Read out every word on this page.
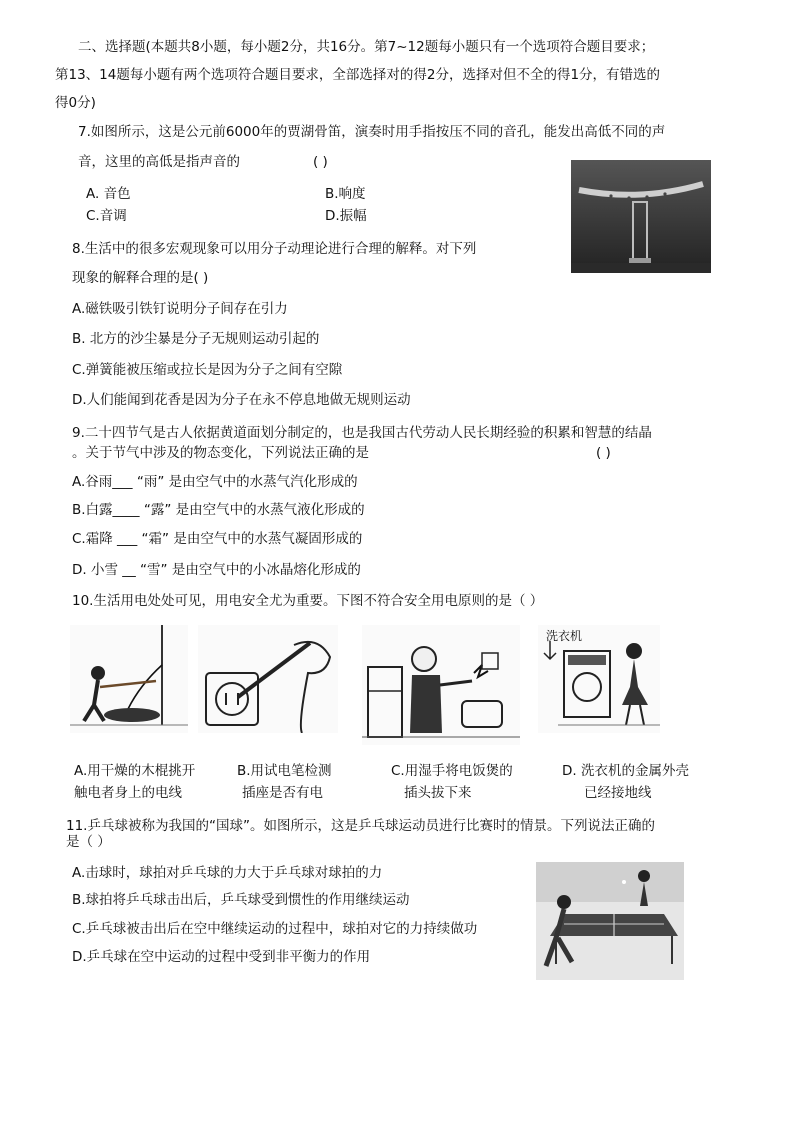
二、选择题(本题共8小题，每小题2分，共16分。第7~12题每小题只有一个选项符合题目要求；
第13、14题每小题有两个选项符合题目要求，全部选择对的得2分，选择对但不全的得1分，有错选的
得0分)
7.如图所示，这是公元前6000年的贾湖骨笛，演奏时用手指按压不同的音孔，能发出高低不同的声
音，这里的高低是指声音的	( )
A. 音色	B.响度
C.音调	D.振幅
8.生活中的很多宏观现象可以用分子动理论进行合理的解释。对下列
现象的解释合理的是( )
A.磁铁吸引铁钉说明分子间存在引力
B. 北方的沙尘暴是分子无规则运动引起的
C.弹簧能被压缩或拉长是因为分子之间有空隙
D.人们能闻到花香是因为分子在永不停息地做无规则运动
9.二十四节气是古人依据黄道面划分制定的，也是我国古代劳动人民长期经验的积累和智慧的结晶
。关于节气中涉及的物态变化，下列说法正确的是	( )
A.谷雨___ “雨” 是由空气中的水蒸气汽化形成的
B.白露____ “露” 是由空气中的水蒸气液化形成的
C.霜降 ___ “霜” 是由空气中的水蒸气凝固形成的
D. 小雪 __ “雪” 是由空气中的小冰晶熔化形成的
10.生活用电处处可见，用电安全尤为重要。下图不符合安全用电原则的是（ ）
洗衣机
A.用干燥的木棍挑开
触电者身上的电线
B.用试电笔检测
插座是否有电
C.用湿手将电饭煲的
插头拔下来
D. 洗衣机的金属外壳
已经接地线
11.乒乓球被称为我国的“国球”。如图所示，这是乒乓球运动员进行比赛时的情景。下列说法正确的
是（ ）
A.击球时，球拍对乒乓球的力大于乒乓球对球拍的力
B.球拍将乒乓球击出后，乒乓球受到惯性的作用继续运动
C.乒乓球被击出后在空中继续运动的过程中，球拍对它的力持续做功
D.乒乓球在空中运动的过程中受到非平衡力的作用
